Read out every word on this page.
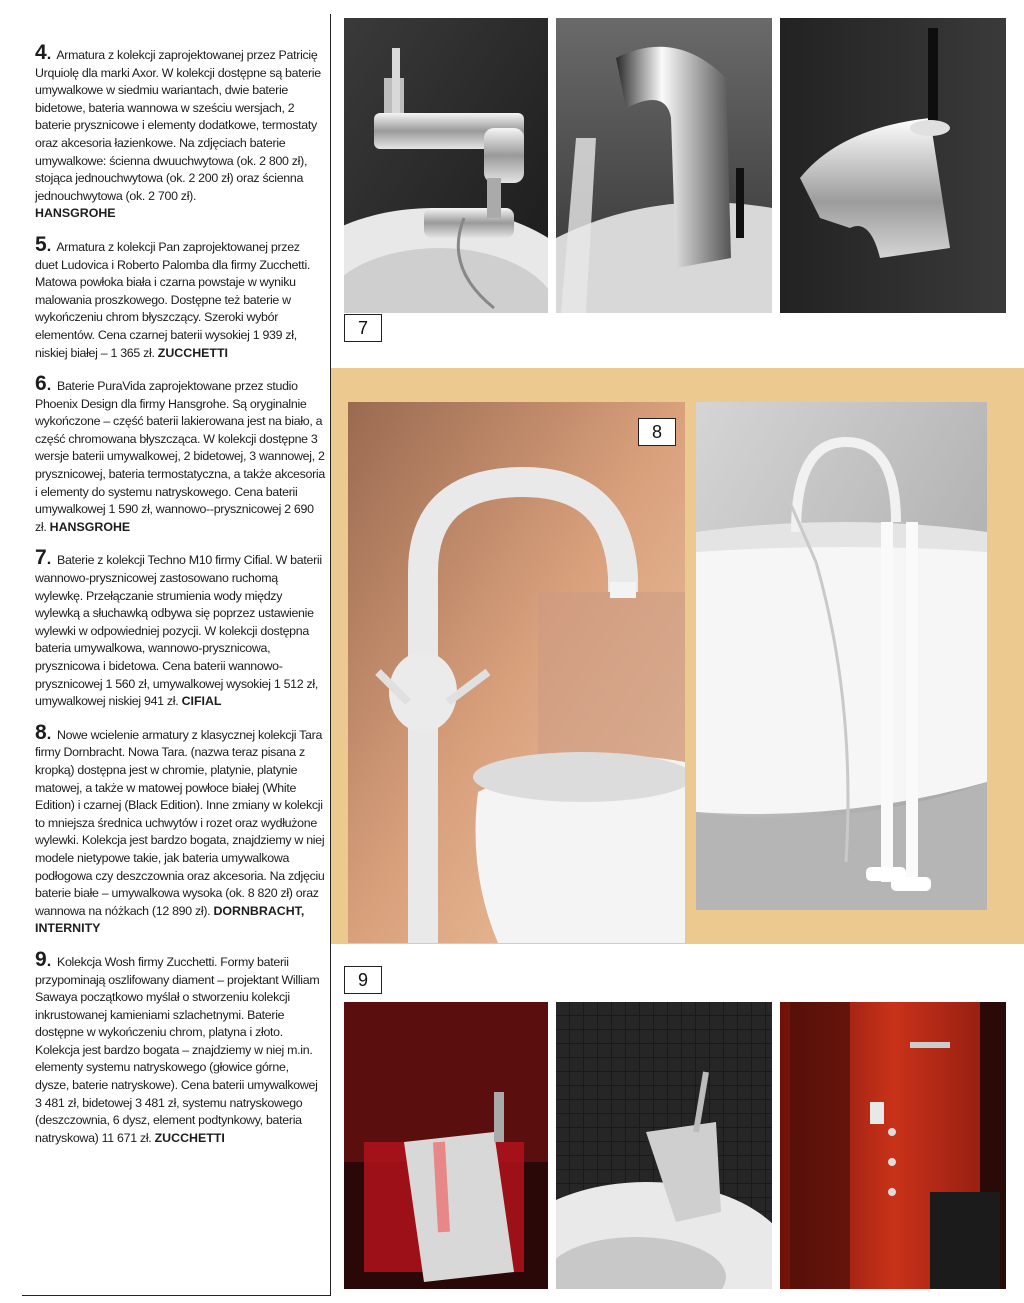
4. Armatura z kolekcji zaprojektowanej przez Patricię Urquiolę dla marki Axor. W kolekcji dostępne są baterie umywalkowe w siedmiu wariantach, dwie baterie bidetowe, bateria wannowa w sześciu wersjach, 2 baterie prysznicowe i elementy dodatkowe, termostaty oraz akcesoria łazienkowe. Na zdjęciach baterie umywalkowe: ścienna dwuuchwytowa (ok. 2 800 zł), stojąca jednouchwytowa (ok. 2 200 zł) oraz ścienna jednouchwytowa (ok. 2 700 zł).
HANSGROHE

5. Armatura z kolekcji Pan zaprojektowanej przez duet Ludovica i Roberto Palomba dla firmy Zucchetti. Matowa powłoka biała i czarna powstaje w wyniku malowania proszkowego. Dostępne też baterie w wykończeniu chrom błyszczący. Szeroki wybór elementów. Cena czarnej baterii wysokiej 1 939 zł, niskiej białej – 1 365 zł. ZUCCHETTI

6. Baterie PuraVida zaprojektowane przez studio Phoenix Design dla firmy Hansgrohe. Są oryginalnie wykończone – część baterii lakierowana jest na biało, a część chromowana błyszcząca. W kolekcji dostępne 3 wersje baterii umywalkowej, 2 bidetowej, 3 wannowej, 2 prysznicowej, bateria termostatyczna, a także akcesoria i elementy do systemu natryskowego. Cena baterii umywalkowej 1 590 zł, wannowo--prysznicowej 2 690 zł. HANSGROHE

7. Baterie z kolekcji Techno M10 firmy Cifial. W baterii wannowo-prysznicowej zastosowano ruchomą wylewkę. Przełączanie strumienia wody między wylewką a słuchawką odbywa się poprzez ustawienie wylewki w odpowiedniej pozycji. W kolekcji dostępna bateria umywalkowa, wannowo-prysznicowa, prysznicowa i bidetowa. Cena baterii wannowo-prysznicowej 1 560 zł, umywalkowej wysokiej 1 512 zł, umywalkowej niskiej 941 zł. CIFIAL

8. Nowe wcielenie armatury z klasycznej kolekcji Tara firmy Dornbracht. Nowa Tara. (nazwa teraz pisana z kropką) dostępna jest w chromie, platynie, platynie matowej, a także w matowej powłoce białej (White Edition) i czarnej (Black Edition). Inne zmiany w kolekcji to mniejsza średnica uchwytów i rozet oraz wydłużone wylewki. Kolekcja jest bardzo bogata, znajdziemy w niej modele nietypowe takie, jak bateria umywalkowa podłogowa czy deszczownia oraz akcesoria. Na zdjęciu baterie białe – umywalkowa wysoka (ok. 8 820 zł) oraz wannowa na nóżkach (12 890 zł). DORNBRACHT, INTERNITY

9. Kolekcja Wosh firmy Zucchetti. Formy baterii przypominają oszlifowany diament – projektant William Sawaya początkowo myślał o stworzeniu kolekcji inkrustowanej kamieniami szlachetnymi. Baterie dostępne w wykończeniu chrom, platyna i złoto. Kolekcja jest bardzo bogata – znajdziemy w niej m.in. elementy systemu natryskowego (głowice górne, dysze, baterie natryskowe). Cena baterii umywalkowej 3 481 zł, bidetowej 3 481 zł, systemu natryskowego (deszczownia, 6 dysz, element podtynkowy, bateria natryskowa) 11 671 zł. ZUCCHETTI

7
8
9
